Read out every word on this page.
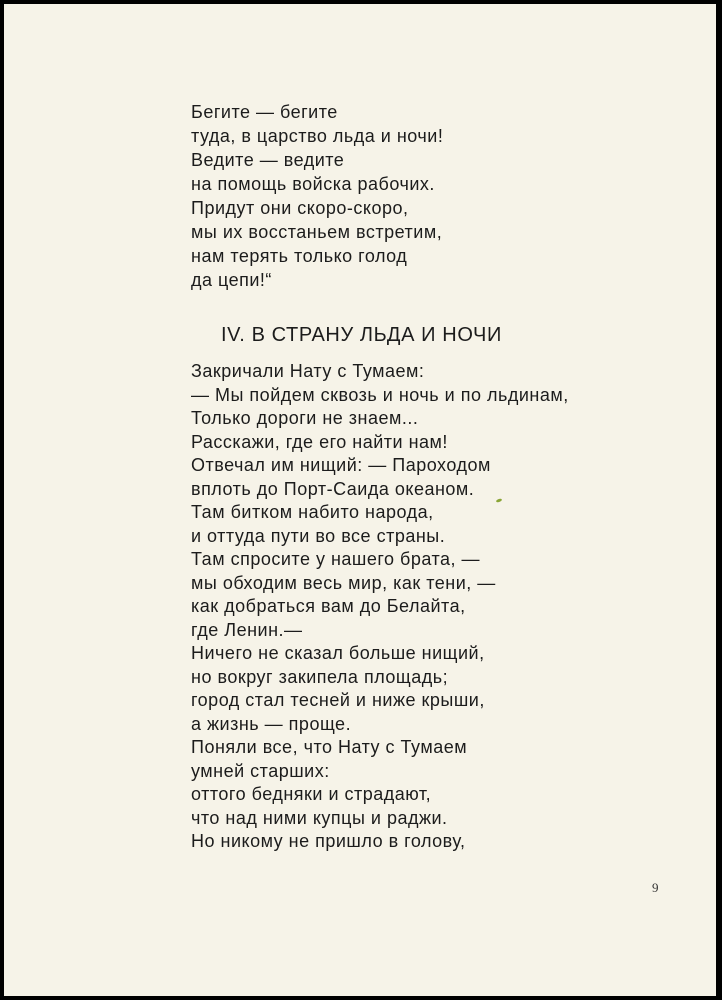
Бегите — бегите
туда, в царство льда и ночи!
Ведите — ведите
на помощь войска рабочих.
Придут они скоро-скоро,
мы их восстаньем встретим,
нам терять только голод
да цепи!“
IV. В СТРАНУ ЛЬДА И НОЧИ
Закричали Нату с Тумаем:
— Мы пойдем сквозь и ночь и по льдинам,
Только дороги не знаем...
Расскажи, где его найти нам!
Отвечал им нищий: — Пароходом
вплоть до Порт-Саида океаном.
Там битком набито народа,
и оттуда пути во все страны.
Там спросите у нашего брата, —
мы обходим весь мир, как тени, —
как добраться вам до Белайта,
где Ленин.—
Ничего не сказал больше нищий,
но вокруг закипела площадь;
город стал тесней и ниже крыши,
а жизнь — проще.
Поняли все, что Нату с Тумаем
умней старших:
оттого бедняки и страдают,
что над ними купцы и раджи.
Но никому не пришло в голову,
9
